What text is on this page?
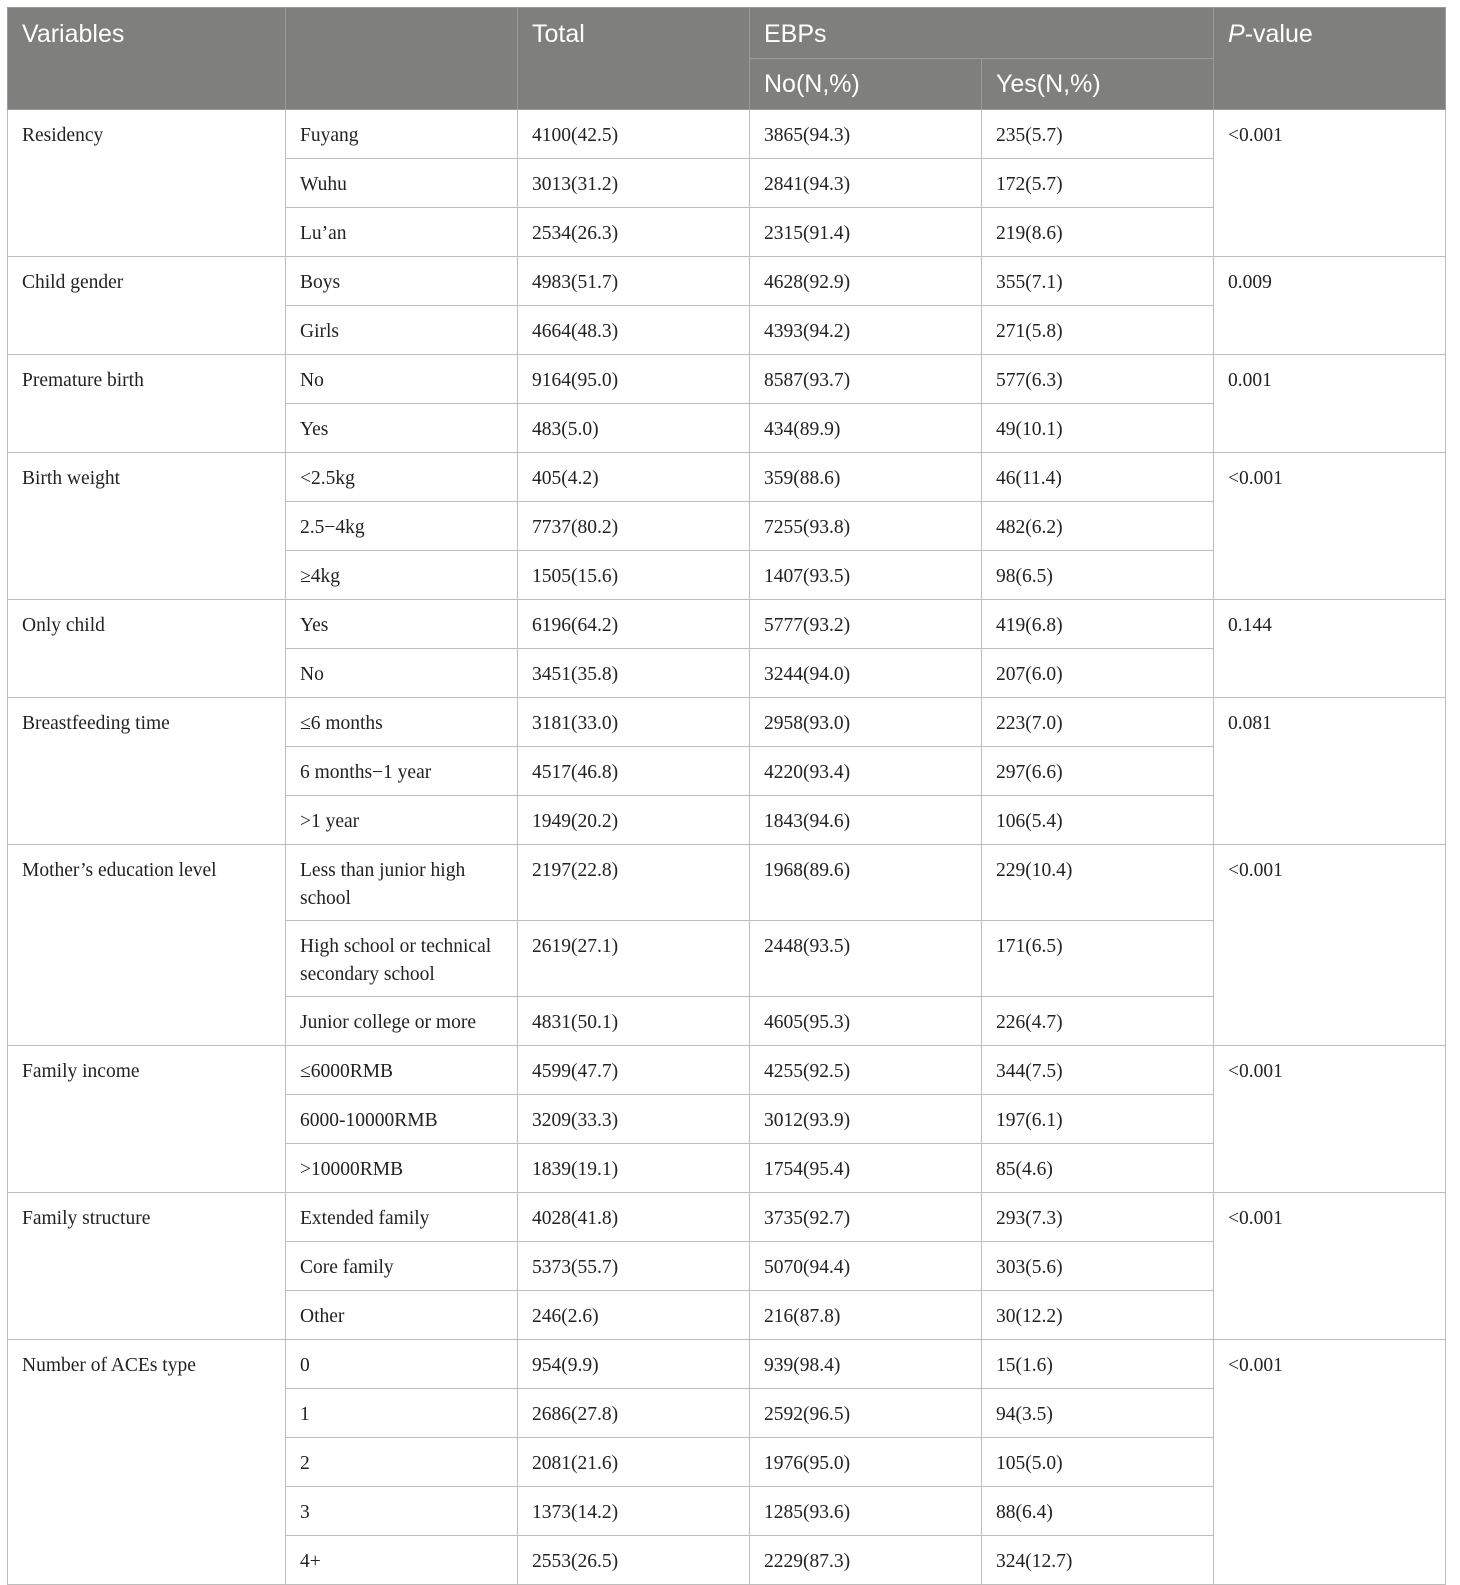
Variables		Total	EBPs		P-value
			No(N,%)	Yes(N,%)	
Residency	Fuyang	4100(42.5)	3865(94.3)	235(5.7)	<0.001
	Wuhu	3013(31.2)	2841(94.3)	172(5.7)	
	Lu’an	2534(26.3)	2315(91.4)	219(8.6)	
Child gender	Boys	4983(51.7)	4628(92.9)	355(7.1)	0.009
	Girls	4664(48.3)	4393(94.2)	271(5.8)	
Premature birth	No	9164(95.0)	8587(93.7)	577(6.3)	0.001
	Yes	483(5.0)	434(89.9)	49(10.1)	
Birth weight	<2.5kg	405(4.2)	359(88.6)	46(11.4)	<0.001
	2.5−4kg	7737(80.2)	7255(93.8)	482(6.2)	
	≥4kg	1505(15.6)	1407(93.5)	98(6.5)	
Only child	Yes	6196(64.2)	5777(93.2)	419(6.8)	0.144
	No	3451(35.8)	3244(94.0)	207(6.0)	
Breastfeeding time	≤6 months	3181(33.0)	2958(93.0)	223(7.0)	0.081
	6 months−1 year	4517(46.8)	4220(93.4)	297(6.6)	
	>1 year	1949(20.2)	1843(94.6)	106(5.4)	
Mother’s education level	Less than junior high school	2197(22.8)	1968(89.6)	229(10.4)	<0.001
	High school or technical secondary school	2619(27.1)	2448(93.5)	171(6.5)	
	Junior college or more	4831(50.1)	4605(95.3)	226(4.7)	
Family income	≤6000RMB	4599(47.7)	4255(92.5)	344(7.5)	<0.001
	6000-10000RMB	3209(33.3)	3012(93.9)	197(6.1)	
	>10000RMB	1839(19.1)	1754(95.4)	85(4.6)	
Family structure	Extended family	4028(41.8)	3735(92.7)	293(7.3)	<0.001
	Core family	5373(55.7)	5070(94.4)	303(5.6)	
	Other	246(2.6)	216(87.8)	30(12.2)	
Number of ACEs type	0	954(9.9)	939(98.4)	15(1.6)	<0.001
	1	2686(27.8)	2592(96.5)	94(3.5)	
	2	2081(21.6)	1976(95.0)	105(5.0)	
	3	1373(14.2)	1285(93.6)	88(6.4)	
	4+	2553(26.5)	2229(87.3)	324(12.7)	
